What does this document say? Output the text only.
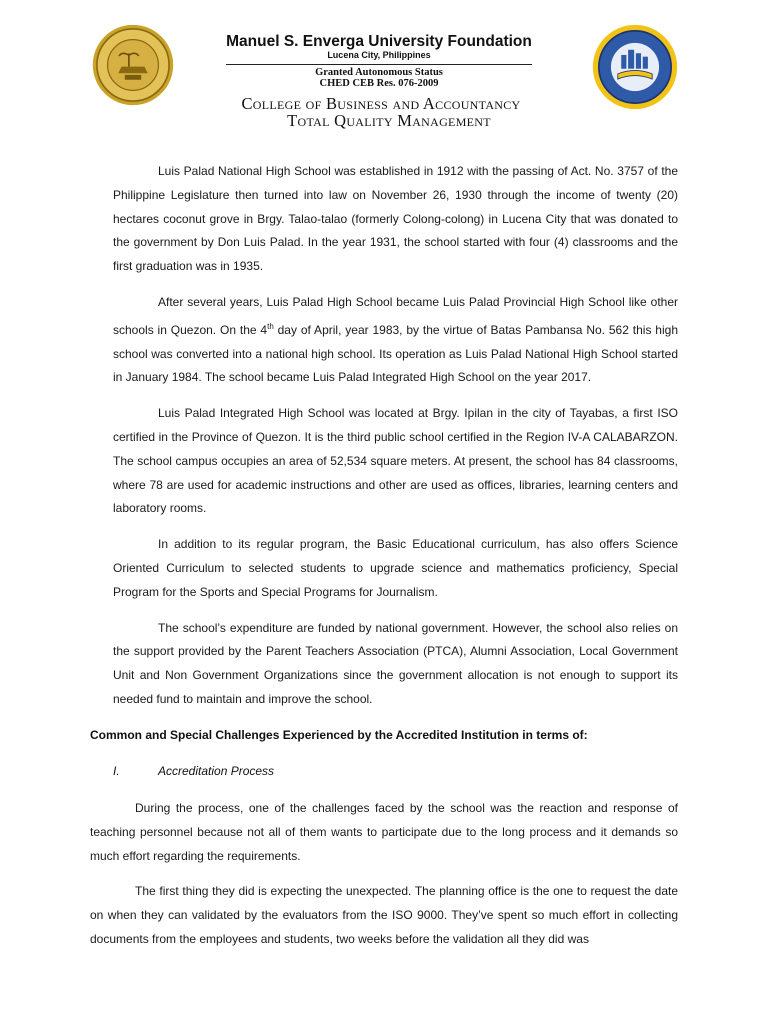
Manuel S. Enverga University Foundation
Lucena City, Philippines
Granted Autonomous Status
CHED CEB Res. 076-2009
College of Business and Accountancy
Total Quality Management

Luis Palad National High School was established in 1912 with the passing of Act. No. 3757 of the Philippine Legislature then turned into law on November 26, 1930 through the income of twenty (20) hectares coconut grove in Brgy. Talao-talao (formerly Colong-colong) in Lucena City that was donated to the government by Don Luis Palad. In the year 1931, the school started with four (4) classrooms and the first graduation was in 1935.

After several years, Luis Palad High School became Luis Palad Provincial High School like other schools in Quezon. On the 4th day of April, year 1983, by the virtue of Batas Pambansa No. 562 this high school was converted into a national high school. Its operation as Luis Palad National High School started in January 1984. The school became Luis Palad Integrated High School on the year 2017.

Luis Palad Integrated High School was located at Brgy. Ipilan in the city of Tayabas, a first ISO certified in the Province of Quezon. It is the third public school certified in the Region IV-A CALABARZON. The school campus occupies an area of 52,534 square meters. At present, the school has 84 classrooms, where 78 are used for academic instructions and other are used as offices, libraries, learning centers and laboratory rooms.

In addition to its regular program, the Basic Educational curriculum, has also offers Science Oriented Curriculum to selected students to upgrade science and mathematics proficiency, Special Program for the Sports and Special Programs for Journalism.

The school’s expenditure are funded by national government. However, the school also relies on the support provided by the Parent Teachers Association (PTCA), Alumni Association, Local Government Unit and Non Government Organizations since the government allocation is not enough to support its needed fund to maintain and improve the school.

Common and Special Challenges Experienced by the Accredited Institution in terms of:
I.	Accreditation Process

During the process, one of the challenges faced by the school was the reaction and response of teaching personnel because not all of them wants to participate due to the long process and it demands so much effort regarding the requirements.

The first thing they did is expecting the unexpected. The planning office is the one to request the date on when they can validated by the evaluators from the ISO 9000. They’ve spent so much effort in collecting documents from the employees and students, two weeks before the validation all they did was
